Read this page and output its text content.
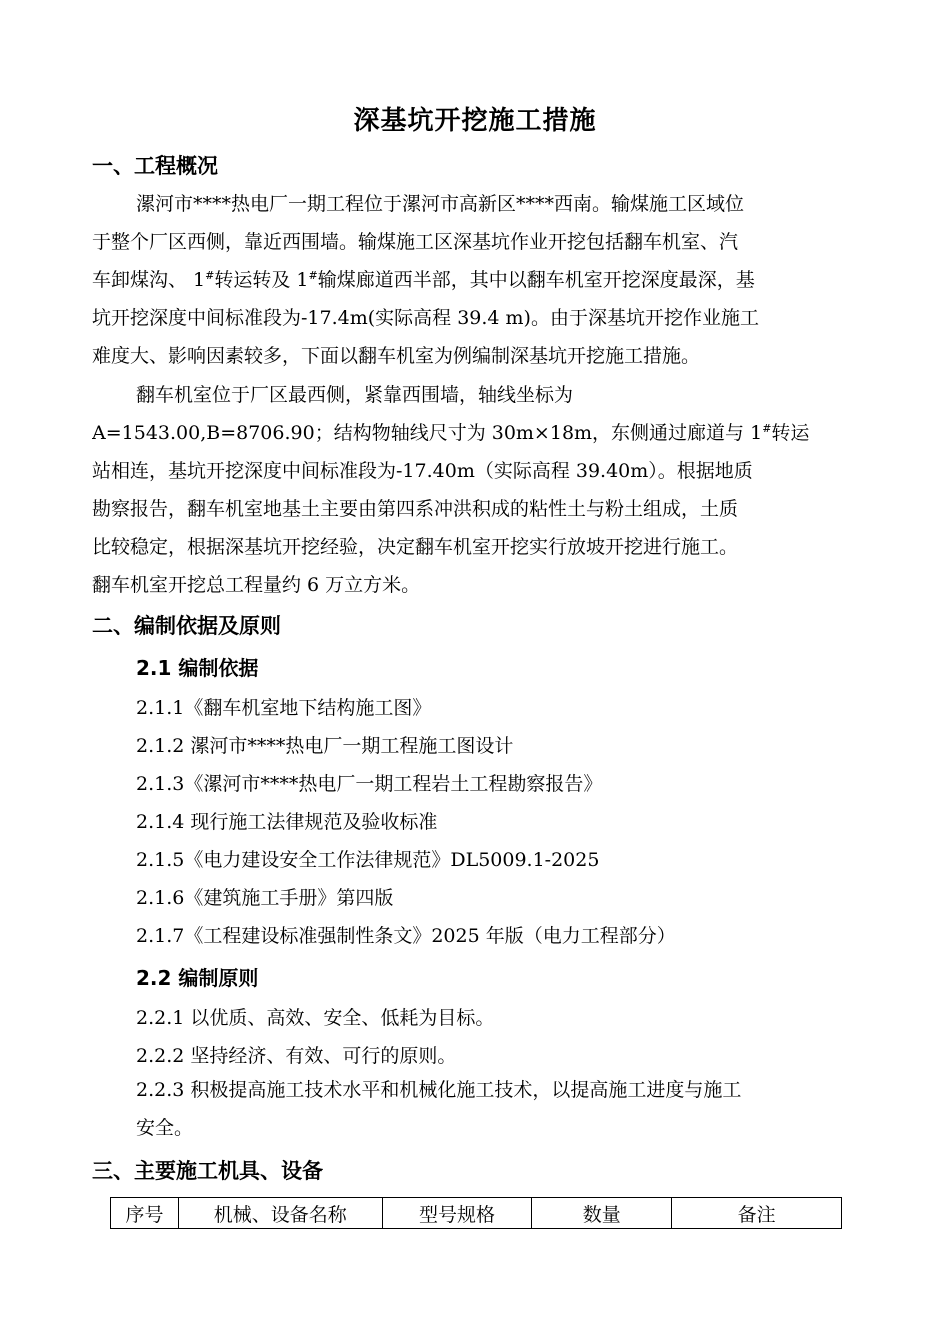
深基坑开挖施工措施
一、工程概况
漯河市****热电厂一期工程位于漯河市高新区****西南。输煤施工区域位
于整个厂区西侧，靠近西围墙。输煤施工区深基坑作业开挖包括翻车机室、汽
车卸煤沟、 1#转运转及 1#输煤廊道西半部，其中以翻车机室开挖深度最深，基
坑开挖深度中间标准段为-17.4m(实际高程 39.4 m)。由于深基坑开挖作业施工
难度大、影响因素较多，下面以翻车机室为例编制深基坑开挖施工措施。
翻车机室位于厂区最西侧，紧靠西围墙，轴线坐标为
A=1543.00,B=8706.90；结构物轴线尺寸为 30m×18m，东侧通过廊道与 1#转运
站相连，基坑开挖深度中间标准段为-17.40m（实际高程 39.40m）。根据地质
勘察报告，翻车机室地基土主要由第四系冲洪积成的粘性土与粉土组成，土质
比较稳定，根据深基坑开挖经验，决定翻车机室开挖实行放坡开挖进行施工。
翻车机室开挖总工程量约 6 万立方米。
二、编制依据及原则
2.1 编制依据
2.1.1《翻车机室地下结构施工图》
2.1.2 漯河市****热电厂一期工程施工图设计
2.1.3《漯河市****热电厂一期工程岩土工程勘察报告》
2.1.4 现行施工法律规范及验收标准
2.1.5《电力建设安全工作法律规范》DL5009.1-2025
2.1.6《建筑施工手册》第四版
2.1.7《工程建设标准强制性条文》2025 年版（电力工程部分）
2.2 编制原则
2.2.1 以优质、高效、安全、低耗为目标。
2.2.2 坚持经济、有效、可行的原则。
2.2.3 积极提高施工技术水平和机械化施工技术，以提高施工进度与施工
安全。
三、主要施工机具、设备
序号	机械、设备名称	型号规格	数量	备注
